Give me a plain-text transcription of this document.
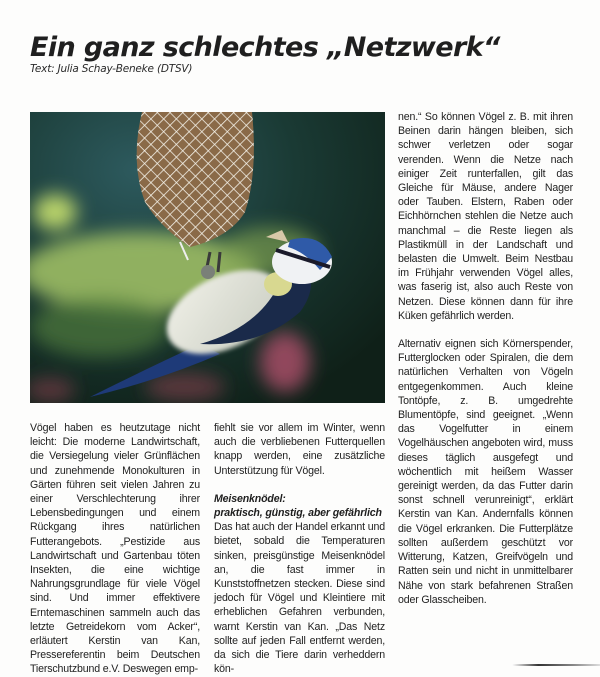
Ein ganz schlechtes „Netzwerk“
Text: Julia Schay-Beneke (DTSV)

Vögel haben es heutzutage nicht leicht: Die moderne Landwirtschaft, die Versiegelung vieler Grünflächen und zunehmende Monokulturen in Gärten führen seit vielen Jahren zu einer Verschlechterung ihrer Lebensbedingungen und einem Rückgang ihres natürlichen Futterangebots. „Pestizide aus Landwirtschaft und Gartenbau töten Insekten, die eine wichtige Nahrungsgrundlage für viele Vögel sind. Und immer effektivere Erntemaschinen sammeln auch das letzte Getreidekorn vom Acker“, erläutert Kerstin van Kan, Pressereferentin beim Deutschen Tierschutzbund e.V. Deswegen emp-

fiehlt sie vor allem im Winter, wenn auch die verbliebenen Futterquellen knapp werden, eine zusätzliche Unterstützung für Vögel.

Meisenknödel:

praktisch, günstig, aber gefährlich

Das hat auch der Handel erkannt und bietet, sobald die Temperaturen sinken, preisgünstige Meisenknödel an, die fast immer in Kunststoffnetzen stecken. Diese sind jedoch für Vögel und Kleintiere mit erheblichen Gefahren verbunden, warnt Kerstin van Kan. „Das Netz sollte auf jeden Fall entfernt werden, da sich die Tiere darin verheddern kön-

nen.“ So können Vögel z. B. mit ihren Beinen darin hängen bleiben, sich schwer verletzen oder sogar verenden. Wenn die Netze nach einiger Zeit runterfallen, gilt das Gleiche für Mäuse, andere Nager oder Tauben. Elstern, Raben oder Eichhörnchen stehlen die Netze auch manchmal – die Reste liegen als Plastikmüll in der Landschaft und belasten die Umwelt. Beim Nestbau im Frühjahr verwenden Vögel alles, was faserig ist, also auch Reste von Netzen. Diese können dann für ihre Küken gefährlich werden.

Alternativ eignen sich Körnerspender, Futterglocken oder Spiralen, die dem natürlichen Verhalten von Vögeln entgegenkommen. Auch kleine Tontöpfe, z. B. umgedrehte Blumentöpfe, sind geeignet. „Wenn das Vogelfutter in einem Vogelhäuschen angeboten wird, muss dieses täglich ausgefegt und wöchentlich mit heißem Wasser gereinigt werden, da das Futter darin sonst schnell verunreinigt“, erklärt Kerstin van Kan. Andernfalls können die Vögel erkranken. Die Futterplätze sollten außerdem geschützt vor Witterung, Katzen, Greifvögeln und Ratten sein und nicht in unmittelbarer Nähe von stark befahrenen Straßen oder Glasscheiben.
